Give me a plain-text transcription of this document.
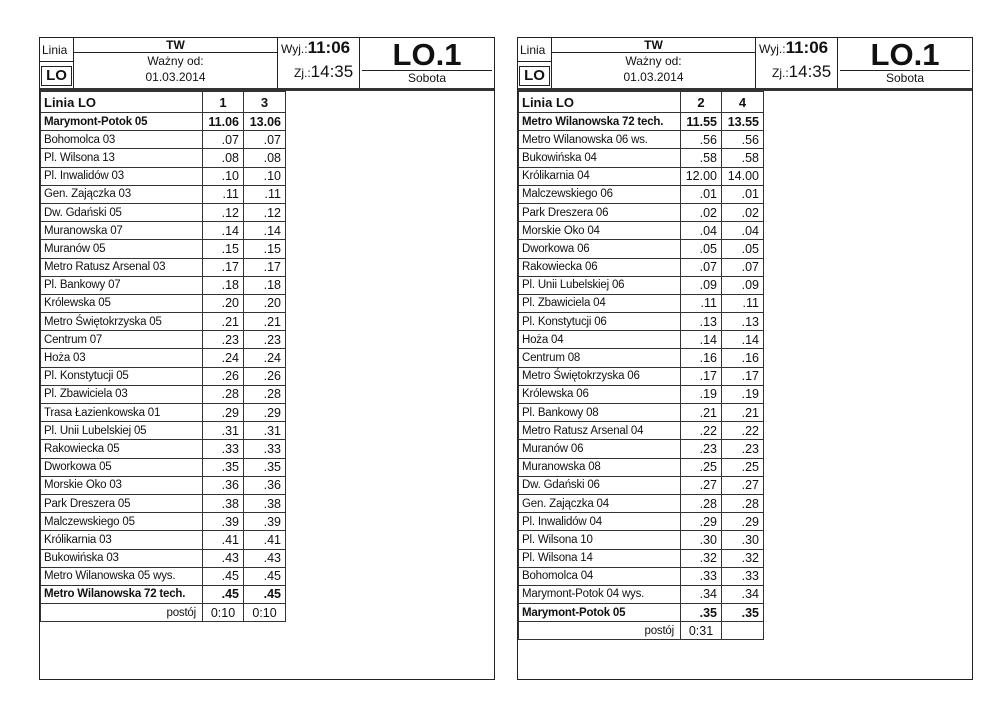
Linia
LO
TW
Ważny od:
01.03.2014
Wyj.:11:06
Zj.:14:35	LO.1
Sobota
Linia LO	1	3
Marymont-Potok 05	11.06	13.06
Bohomolca 03	.07	.07
Pl. Wilsona 13	.08	.08
Pl. Inwalidów 03	.10	.10
Gen. Zajączka 03	.11	.11
Dw. Gdański 05	.12	.12
Muranowska 07	.14	.14
Muranów 05	.15	.15
Metro Ratusz Arsenal 03	.17	.17
Pl. Bankowy 07	.18	.18
Królewska 05	.20	.20
Metro Świętokrzyska 05	.21	.21
Centrum 07	.23	.23
Hoża 03	.24	.24
Pl. Konstytucji 05	.26	.26
Pl. Zbawiciela 03	.28	.28
Trasa Łazienkowska 01	.29	.29
Pl. Unii Lubelskiej 05	.31	.31
Rakowiecka 05	.33	.33
Dworkowa 05	.35	.35
Morskie Oko 03	.36	.36
Park Dreszera 05	.38	.38
Malczewskiego 05	.39	.39
Królikarnia 03	.41	.41
Bukowińska 03	.43	.43
Metro Wilanowska 05 wys.	.45	.45
Metro Wilanowska 72 tech.	.45	.45
postój	0:10	0:10
Linia
LO
TW
Ważny od:
01.03.2014
Wyj.:11:06
Zj.:14:35	LO.1
Sobota
Linia LO	2	4
Metro Wilanowska 72 tech.	11.55	13.55
Metro Wilanowska 06 ws.	.56	.56
Bukowińska 04	.58	.58
Królikarnia 04	12.00	14.00
Malczewskiego 06	.01	.01
Park Dreszera 06	.02	.02
Morskie Oko 04	.04	.04
Dworkowa 06	.05	.05
Rakowiecka 06	.07	.07
Pl. Unii Lubelskiej 06	.09	.09
Pl. Zbawiciela 04	.11	.11
Pl. Konstytucji 06	.13	.13
Hoża 04	.14	.14
Centrum 08	.16	.16
Metro Świętokrzyska 06	.17	.17
Królewska 06	.19	.19
Pl. Bankowy 08	.21	.21
Metro Ratusz Arsenal 04	.22	.22
Muranów 06	.23	.23
Muranowska 08	.25	.25
Dw. Gdański 06	.27	.27
Gen. Zajączka 04	.28	.28
Pl. Inwalidów 04	.29	.29
Pl. Wilsona 10	.30	.30
Pl. Wilsona 14	.32	.32
Bohomolca 04	.33	.33
Marymont-Potok 04 wys.	.34	.34
Marymont-Potok 05	.35	.35
postój	0:31	
